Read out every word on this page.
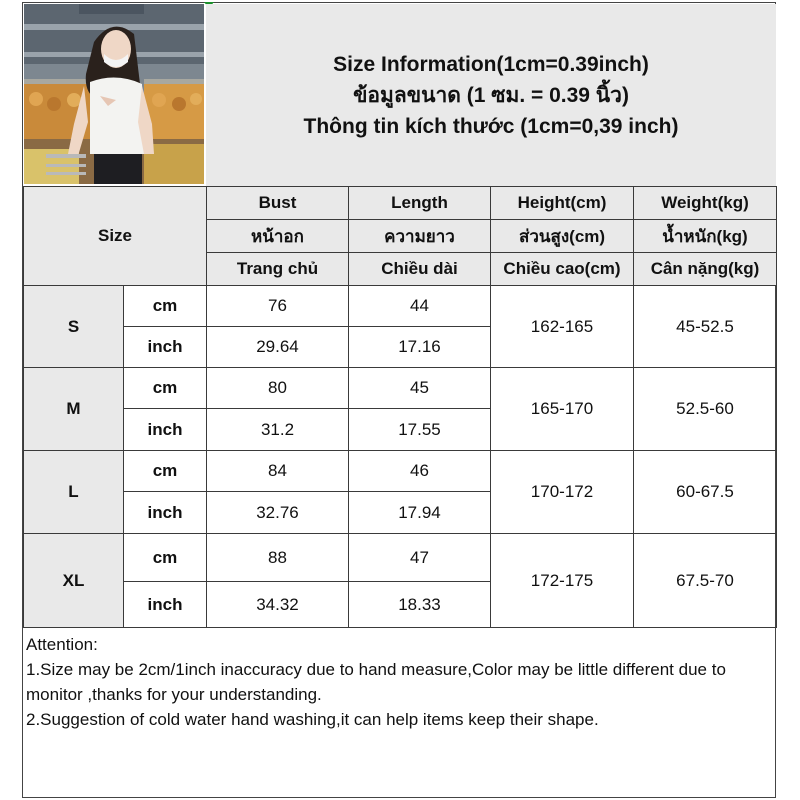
Size Information(1cm=0.39inch)
ข้อมูลขนาด (1 ซม. = 0.39 นิ้ว)
Thông tin kích thước (1cm=0,39 inch)
Size		Bust	Length	Height(cm)	Weight(kg)
		หน้าอก	ความยาว	ส่วนสูง(cm)	น้ำหนัก(kg)
		Trang chủ	Chiều dài	Chiều cao(cm)	Cân nặng(kg)
S	cm	76	44	162-165	45-52.5
	inch	29.64	17.16		
M	cm	80	45	165-170	52.5-60
	inch	31.2	17.55		
L	cm	84	46	170-172	60-67.5
	inch	32.76	17.94		
XL	cm	88	47	172-175	67.5-70
	inch	34.32	18.33		
Attention:
1.Size may be 2cm/1inch inaccuracy due to hand measure,Color may be little different due to monitor ,thanks for your understanding.
2.Suggestion of cold water hand washing,it can help items keep their shape.
